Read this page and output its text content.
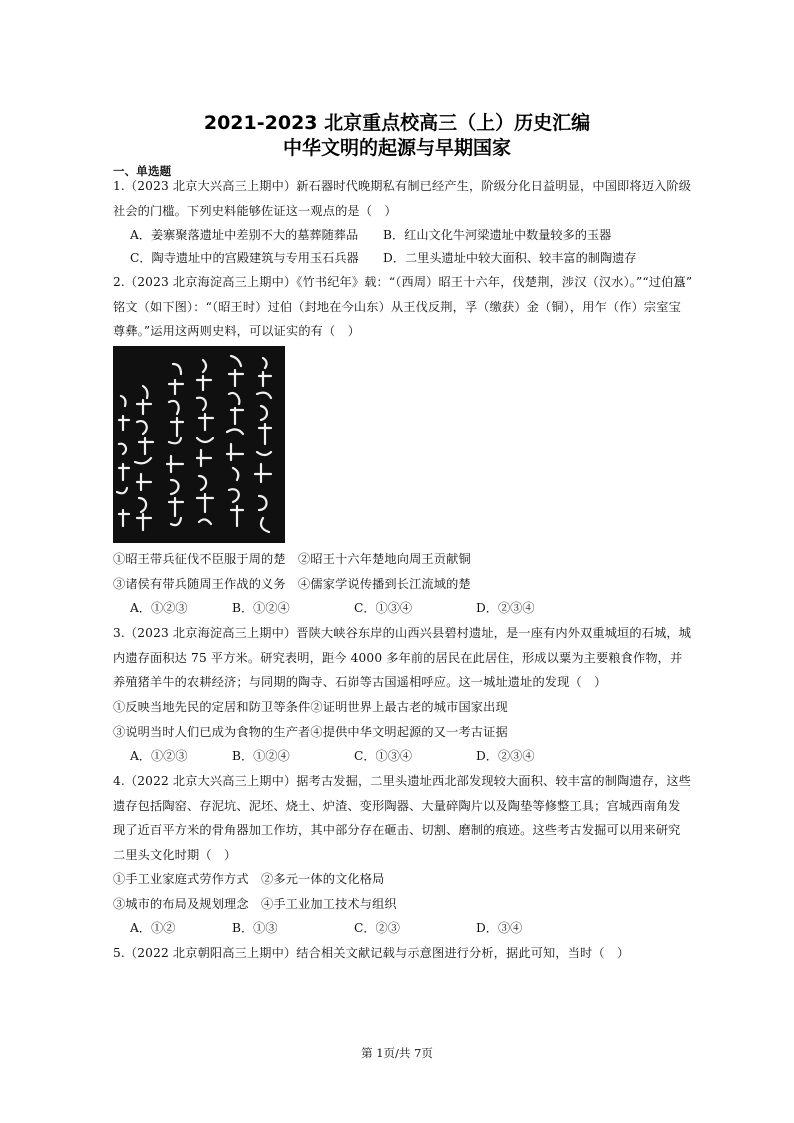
2021-2023 北京重点校高三（上）历史汇编
中华文明的起源与早期国家
一、单选题
1.（2023 北京大兴高三上期中）新石器时代晚期私有制已经产生，阶级分化日益明显，中国即将迈入阶级
社会的门槛。下列史料能够佐证这一观点的是（　）
A．姜寨聚落遗址中差别不大的墓葬随葬品 B．红山文化牛河梁遗址中数量较多的玉器
C．陶寺遗址中的宫殿建筑与专用玉石兵器 D．二里头遗址中较大面积、较丰富的制陶遗存
2.（2023 北京海淀高三上期中）《竹书纪年》载：“（西周）昭王十六年，伐楚荆，涉汉（汉水）。”“过伯簋”
铭文（如下图）：“（昭王时）过伯（封地在今山东）从王伐反荆，孚（缴获）金（铜），用乍（作）宗室宝
尊彝。”运用这两则史料，可以证实的有（　）
①昭王带兵征伐不臣服于周的楚　②昭王十六年楚地向周王贡献铜
③诸侯有带兵随周王作战的义务　④儒家学说传播到长江流域的楚
A．①②③	B．①②④	C．①③④	D．②③④
3.（2023 北京海淀高三上期中）晋陕大峡谷东岸的山西兴县碧村遗址，是一座有内外双重城垣的石城，城
内遗存面积达 75 平方米。研究表明，距今 4000 多年前的居民在此居住，形成以粟为主要粮食作物，并
养殖猪羊牛的农耕经济；与同期的陶寺、石峁等古国遥相呼应。这一城址遗址的发现（　）
①反映当地先民的定居和防卫等条件②证明世界上最古老的城市国家出现
③说明当时人们已成为食物的生产者④提供中华文明起源的又一考古证据
A．①②③	B．①②④	C．①③④	D．②③④
4.（2022 北京大兴高三上期中）据考古发掘，二里头遗址西北部发现较大面积、较丰富的制陶遗存，这些
遗存包括陶窑、存泥坑、泥坯、烧土、炉渣、变形陶器、大量碎陶片以及陶垫等修整工具；宫城西南角发
现了近百平方米的骨角器加工作坊，其中部分存在砸击、切割、磨制的痕迹。这些考古发掘可以用来研究
二里头文化时期（　）
①手工业家庭式劳作方式　②多元一体的文化格局
③城市的布局及规划理念　④手工业加工技术与组织
A．①②	B．①③	C．②③	D．③④
5.（2022 北京朝阳高三上期中）结合相关文献记载与示意图进行分析，据此可知，当时（　）
第 1页/共 7页
